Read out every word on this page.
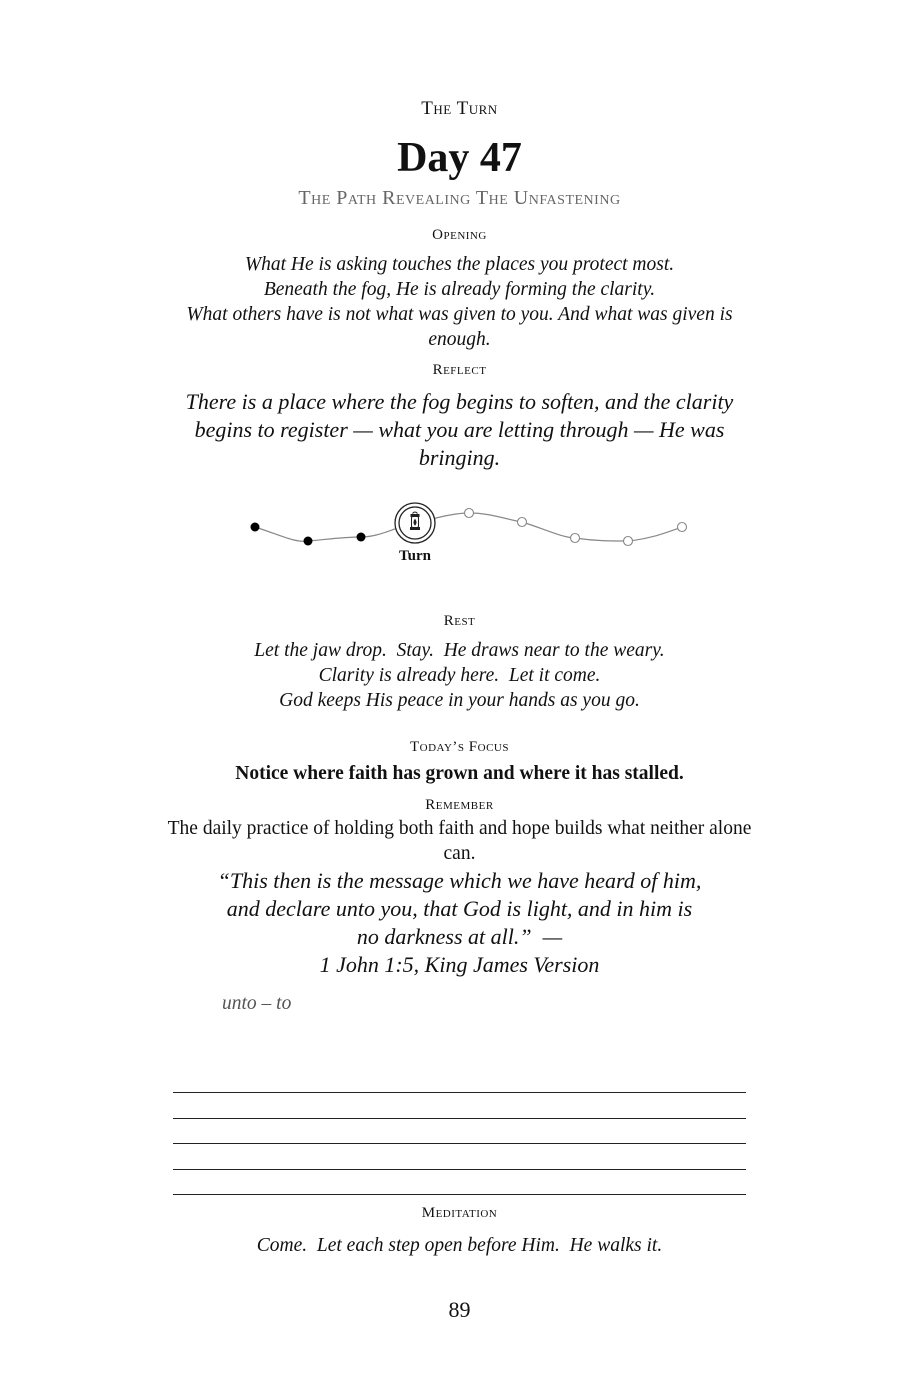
The Turn
Day 47
The Path Revealing The Unfastening
Opening
What He is asking touches the places you protect most.
Beneath the fog, He is already forming the clarity.
What others have is not what was given to you. And what was given is enough.
Reflect
There is a place where the fog begins to soften, and the clarity begins to register — what you are letting through — He was bringing.
Turn
Rest
Let the jaw drop.  Stay.  He draws near to the weary.
Clarity is already here.  Let it come.
God keeps His peace in your hands as you go.
Today’s Focus
Notice where faith has grown and where it has stalled.
Remember
The daily practice of holding both faith and hope builds what neither alone can.
“This then is the message which we have heard of him,
and declare unto you, that God is light, and in him is
no darkness at all.”  —
1 John 1:5, King James Version
unto – to
Meditation
Come.  Let each step open before Him.  He walks it.
89
